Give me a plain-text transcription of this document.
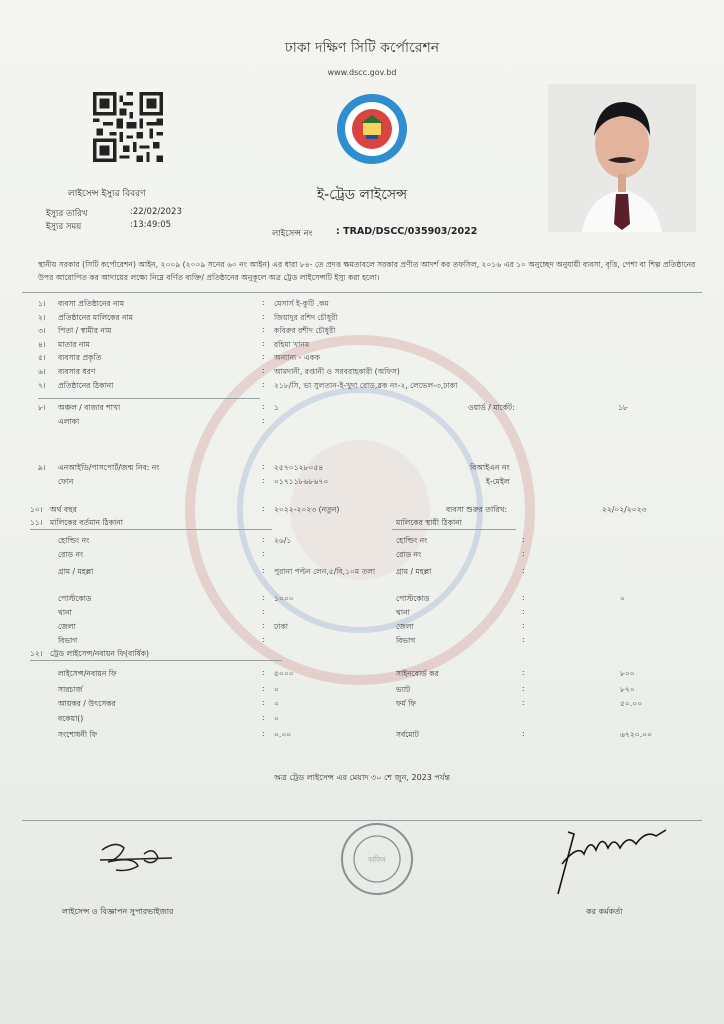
ঢাকা দক্ষিণ সিটি কর্পোরেশন
www.dscc.gov.bd
লাইসেন্স ইস্যুর বিবরণ	ই-ট্রেড লাইসেন্স
ইস্যুর তারিখ	:22/02/2023
ইস্যুর সময়	:13:49:05
লাইসেন্স নং : TRAD/DSCC/035903/2022
স্থানীয় সরকার (সিটি কর্পোরেশন) আইন, ২০০৯ (২০০৯ সনের ৬০ নং আইন) এর ধারা ৮৪- তে প্রদত্ত ক্ষমতাবলে সরকার প্রণীত আদর্শ কর তফসিল, ২০১৬ এর ১০ অনুচ্ছেদ অনুযায়ী ব্যবসা, বৃত্তি, পেশা বা শিল্প প্রতিষ্ঠানের উপর আরোপিত কর আদায়ের লক্ষ্যে নিম্নে বর্ণিত ব্যক্তি/ প্রতিষ্ঠানের অনুকূলে অত্র ট্রেড লাইসেন্সটি ইস্যু করা হলো।
১। ব্যবসা প্রতিষ্ঠানের নাম	: মেসার্স ই-কুটি .কম
২। প্রতিষ্ঠানের মালিকের নাম	: জিয়াদুর রশিদ চৌধুরী
৩। পিতা / স্বামীর নাম	: কবিরুর রশীদ চৌধুরী
৪। মাতার নাম	: রহিমা খানম
৫। ব্যবসার প্রকৃতি	: অন্যান্য - একক
৬। ব্যবসার ধরণ	: আমদানী, রপ্তানী ও সরবরাহকারী (অফিস)
৭। প্রতিষ্ঠানের ঠিকানা	: ২১৮/সি, ভা সুলতান-ই-খুদা রোড,ব্লক নং-২, লেভেল-৩,ঢাকা
৮। অঞ্চল / বাজার শাখা	: ১	ওয়ার্ড / মার্কেট:	১৮
এলাকা	:
৯। এনআইডি/পাসপোর্ট/জন্ম নিব: নং	: ২৫৭০১২৮০৫৪	বিআইএন নং
ফোন	: ০১৭১১৮৬৮৬৭০	ই-মেইল
১০। অর্থ বছর	: ২০২২-২০২৩ (নতুন)	ব্যবসা শুরুর তারিখ:	২২/০২/২০২৩
১১। মালিকের বর্তমান ঠিকানা	মালিকের স্থায়ী ঠিকানা
হোল্ডিং নং	: ২৬/১	হোল্ডিং নং	:
রোড নং	:	রোড নং	:
গ্রাম / মহল্লা	: পুরানা পল্টন লেন,৫/বি,১০ম তলা	গ্রাম / মহল্লা	:
পোস্টকোড	: ১০০০	পোস্টকোড	:	০
থানা	:	থানা	:
জেলা	: ঢাকা	জেলা	:
বিভাগ	:	বিভাগ	:
১২। ট্রেড লাইসেন্স/নবায়ন ফি(বার্ষিক)
লাইসেন্স/নবায়ন ফি	: ৫০০০	সাইনবোর্ড কর	:	৮০০
সারচার্জ	: ০	ভ্যাট	:	৮৭০
আয়কর / উৎসেকর	: ০	ফর্ম ফি	:	৫০.০০
বকেয়া()	: ০
সংশোধনী ফি	: ০.০০	সর্বমোট	:	৬৭২০.০০
অত্র ট্রেড লাইসেন্স এর মেয়াদ ৩০ শে জুন, 2023 পর্যন্ত
অফিস
লাইসেন্স ও বিজ্ঞাপন সুপারভাইজার	কর কর্মকর্তা
